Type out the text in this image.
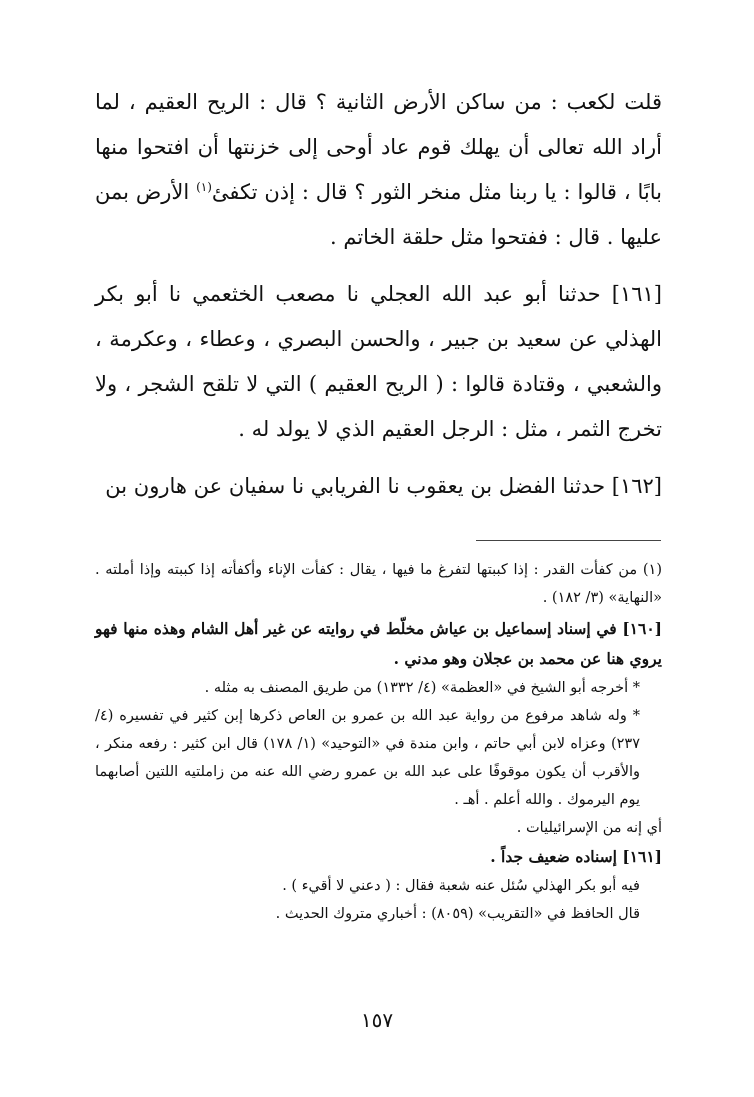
قلت لكعب : من ساكن الأرض الثانية ؟ قال : الريح العقيم ، لما أراد الله تعالى أن يهلك قوم عاد أوحى إلى خزنتها أن افتحوا منها بابًا ، قالوا : يا ربنا مثل منخر الثور ؟ قال : إذن تكفئ$^{(١)}$ الأرض بمن عليها . قال : ففتحوا مثل حلقة الخاتم .

[١٦١] حدثنا أبو عبد الله العجلي نا مصعب الخثعمي نا أبو بكر الهذلي عن سعيد بن جبير ، والحسن البصري ، وعطاء ، وعكرمة ، والشعبي ، وقتادة قالوا : ( الريح العقيم ) التي لا تلقح الشجر ، ولا تخرج الثمر ، مثل : الرجل العقيم الذي لا يولد له .

[١٦٢] حدثنا الفضل بن يعقوب نا الفريابي نا سفيان عن هارون بن

(١) من كفأت القدر : إذا كببتها لتفرغ ما فيها ، يقال : كفأت الإناء وأكفأته إذا كببته وإذا أملته . «النهاية» (٣/ ١٨٢) .

[١٦٠] في إسناد إسماعيل بن عياش مخلّط في روايته عن غير أهل الشام وهذه منها فهو يروي هنا عن محمد بن عجلان وهو مدني .

* أخرجه أبو الشيخ في «العظمة» (٤/ ١٣٣٢) من طريق المصنف به مثله .

* وله شاهد مرفوع من رواية عبد الله بن عمرو بن العاص ذكرها إبن كثير في تفسيره (٤/ ٢٣٧) وعزاه لابن أبي حاتم ، وابن مندة في «التوحيد» (١/ ١٧٨) قال ابن كثير : رفعه منكر ، والأقرب أن يكون موقوفًا على عبد الله بن عمرو رضي الله عنه من زاملتيه اللتين أصابهما يوم اليرموك . والله أعلم . أهـ .

أي إنه من الإسرائيليات .

[١٦١] إسناده ضعيف جداً .

فيه أبو بكر الهذلي سُئل عنه شعبة فقال : ( دعني لا أقيء ) .

قال الحافظ في «التقريب» (٨٠٥٩) : أخباري متروك الحديث .

١٥٧
